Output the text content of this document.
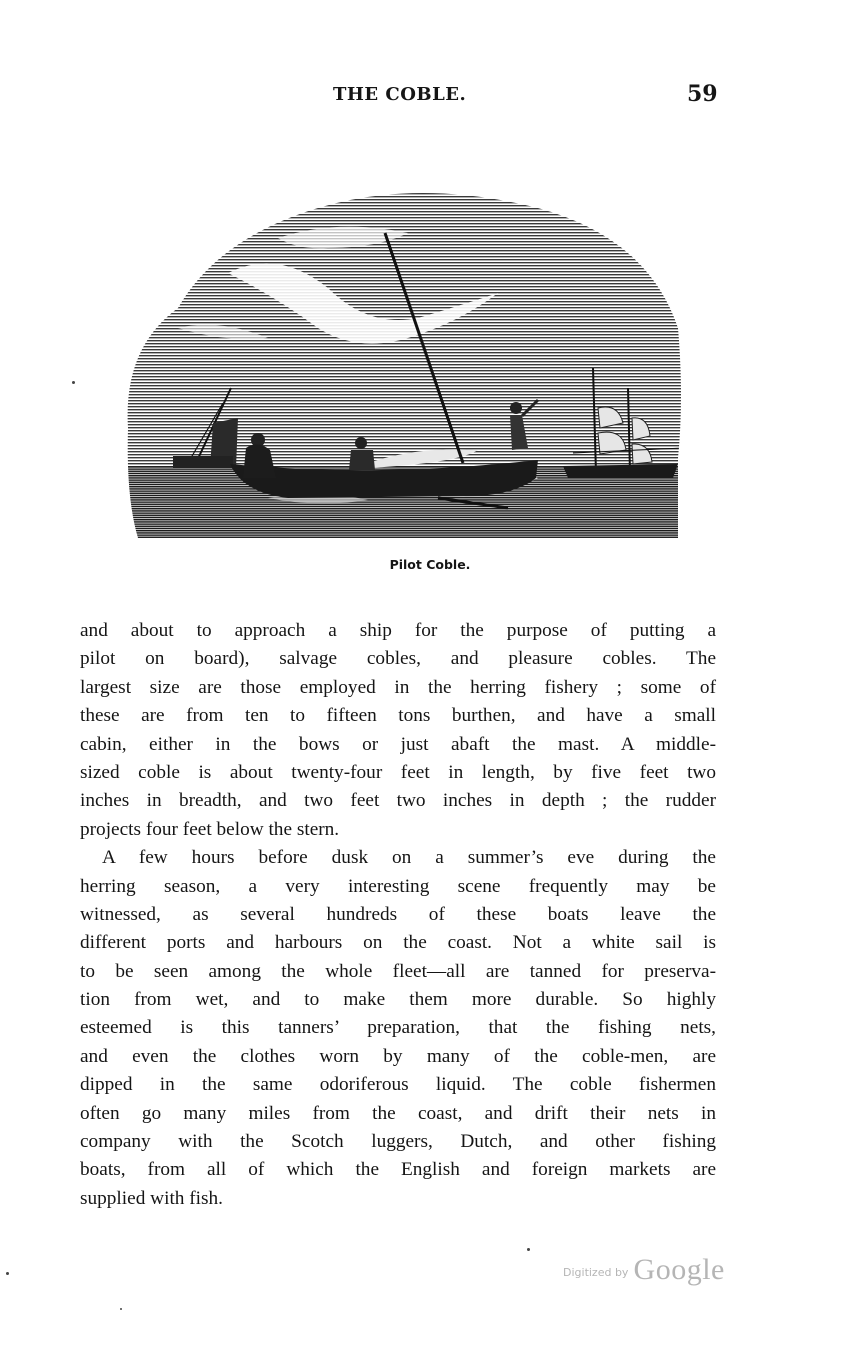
THE COBLE.	59
Pilot Coble.
and about to approach a ship for the purpose of putting a
pilot on board), salvage cobles, and pleasure cobles. The
largest size are those employed in the herring fishery ; some of
these are from ten to fifteen tons burthen, and have a small
cabin, either in the bows or just abaft the mast. A middle-
sized coble is about twenty-four feet in length, by five feet two
inches in breadth, and two feet two inches in depth ; the rudder
projects four feet below the stern.
A few hours before dusk on a summer’s eve during the
herring season, a very interesting scene frequently may be
witnessed, as several hundreds of these boats leave the
different ports and harbours on the coast. Not a white sail is
to be seen among the whole fleet—all are tanned for preserva-
tion from wet, and to make them more durable. So highly
esteemed is this tanners’ preparation, that the fishing nets,
and even the clothes worn by many of the coble-men, are
dipped in the same odoriferous liquid. The coble fishermen
often go many miles from the coast, and drift their nets in
company with the Scotch luggers, Dutch, and other fishing
boats, from all of which the English and foreign markets are
supplied with fish.
Digitized by Google
